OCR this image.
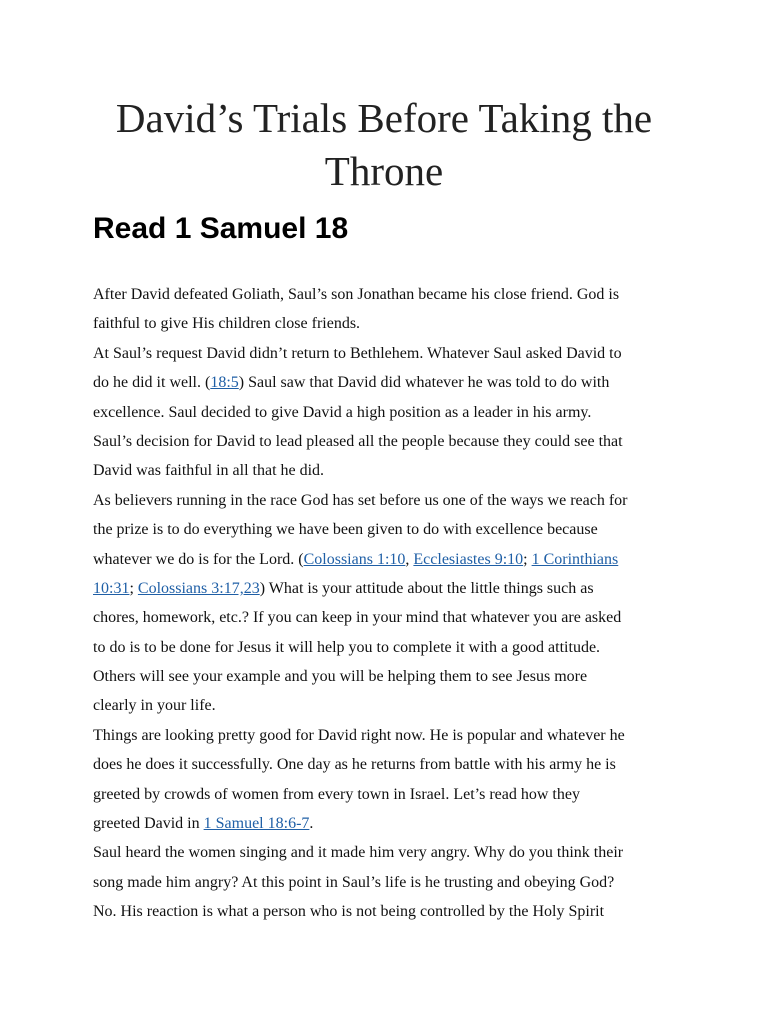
David’s Trials Before Taking the Throne
Read 1 Samuel 18
After David defeated Goliath, Saul’s son Jonathan became his close friend. God is
faithful to give His children close friends.
At Saul’s request David didn’t return to Bethlehem. Whatever Saul asked David to
do he did it well. (18:5) Saul saw that David did whatever he was told to do with
excellence. Saul decided to give David a high position as a leader in his army.
Saul’s decision for David to lead pleased all the people because they could see that
David was faithful in all that he did.
As believers running in the race God has set before us one of the ways we reach for
the prize is to do everything we have been given to do with excellence because
whatever we do is for the Lord. (Colossians 1:10, Ecclesiastes 9:10; 1 Corinthians
10:31; Colossians 3:17,23) What is your attitude about the little things such as
chores, homework, etc.? If you can keep in your mind that whatever you are asked
to do is to be done for Jesus it will help you to complete it with a good attitude.
Others will see your example and you will be helping them to see Jesus more
clearly in your life.
Things are looking pretty good for David right now. He is popular and whatever he
does he does it successfully. One day as he returns from battle with his army he is
greeted by crowds of women from every town in Israel. Let’s read how they
greeted David in 1 Samuel 18:6-7.
Saul heard the women singing and it made him very angry. Why do you think their
song made him angry? At this point in Saul’s life is he trusting and obeying God?
No. His reaction is what a person who is not being controlled by the Holy Spirit
